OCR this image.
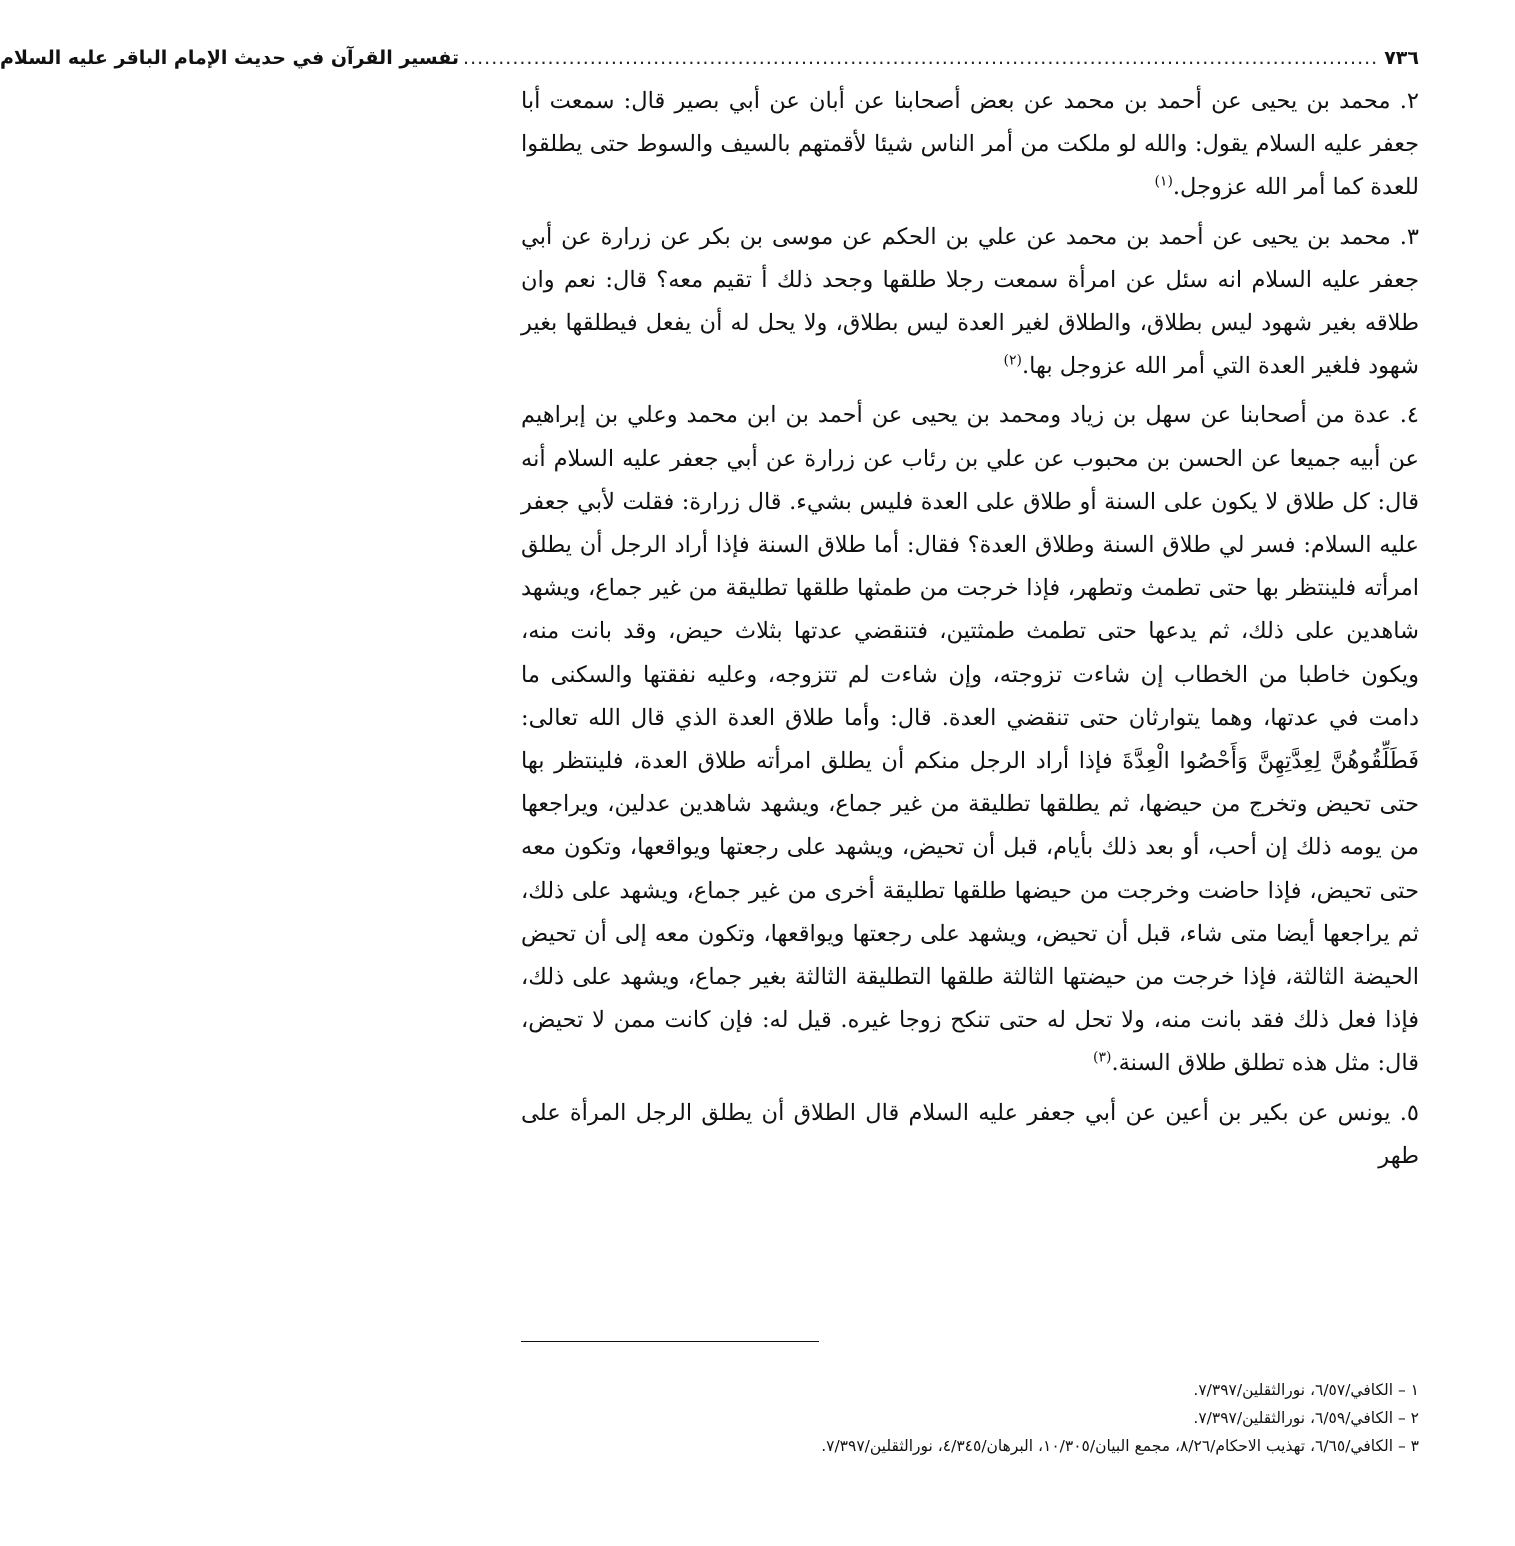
٧٣٦
..................................................................................................................................
تفسير القرآن في حديث الإمام الباقر عليه السلام

٢. محمد بن يحيى عن أحمد بن محمد عن بعض أصحابنا عن أبان عن أبي بصير قال: سمعت أبا جعفر عليه السلام يقول: والله لو ملكت من أمر الناس شيئا لأقمتهم بالسيف والسوط حتى يطلقوا للعدة كما أمر الله عزوجل.$^{(١)}$

٣. محمد بن يحيى عن أحمد بن محمد عن علي بن الحكم عن موسى بن بكر عن زرارة عن أبي جعفر عليه السلام انه سئل عن امرأة سمعت رجلا طلقها وجحد ذلك أ تقيم معه؟ قال: نعم وان طلاقه بغير شهود ليس بطلاق، والطلاق لغير العدة ليس بطلاق، ولا يحل له أن يفعل فيطلقها بغير شهود فلغير العدة التي أمر الله عزوجل بها.$^{(٢)}$

٤. عدة من أصحابنا عن سهل بن زياد ومحمد بن يحيى عن أحمد بن ابن محمد وعلي بن إبراهيم عن أبيه جميعا عن الحسن بن محبوب عن علي بن رئاب عن زرارة عن أبي جعفر عليه السلام أنه قال: كل طلاق لا يكون على السنة أو طلاق على العدة فليس بشيء. قال زرارة: فقلت لأبي جعفر عليه السلام: فسر لي طلاق السنة وطلاق العدة؟ فقال: أما طلاق السنة فإذا أراد الرجل أن يطلق امرأته فلينتظر بها حتى تطمث وتطهر، فإذا خرجت من طمثها طلقها تطليقة من غير جماع، ويشهد شاهدين على ذلك، ثم يدعها حتى تطمث طمثتين، فتنقضي عدتها بثلاث حيض، وقد بانت منه، ويكون خاطبا من الخطاب إن شاءت تزوجته، وإن شاءت لم تتزوجه، وعليه نفقتها والسكنى ما دامت في عدتها، وهما يتوارثان حتى تنقضي العدة. قال: وأما طلاق العدة الذي قال الله تعالى: فَطَلِّقُوهُنَّ لِعِدَّتِهِنَّ وَأَحْصُوا الْعِدَّةَ فإذا أراد الرجل منكم أن يطلق امرأته طلاق العدة، فلينتظر بها حتى تحيض وتخرج من حيضها، ثم يطلقها تطليقة من غير جماع، ويشهد شاهدين عدلين، ويراجعها من يومه ذلك إن أحب، أو بعد ذلك بأيام، قبل أن تحيض، ويشهد على رجعتها ويواقعها، وتكون معه حتى تحيض، فإذا حاضت وخرجت من حيضها طلقها تطليقة أخرى من غير جماع، ويشهد على ذلك، ثم يراجعها أيضا متى شاء، قبل أن تحيض، ويشهد على رجعتها ويواقعها، وتكون معه إلى أن تحيض الحيضة الثالثة، فإذا خرجت من حيضتها الثالثة طلقها التطليقة الثالثة بغير جماع، ويشهد على ذلك، فإذا فعل ذلك فقد بانت منه، ولا تحل له حتى تنكح زوجا غيره. قيل له: فإن كانت ممن لا تحيض، قال: مثل هذه تطلق طلاق السنة.$^{(٣)}$

٥. يونس عن بكير بن أعين عن أبي جعفر عليه السلام قال الطلاق أن يطلق الرجل المرأة على طهر

١ – الكافي/٦/٥٧، نورالثقلين/٧/٣٩٧.
٢ – الكافي/٦/٥٩، نورالثقلين/٧/٣٩٧.
٣ – الكافي/٦/٦٥، تهذيب الاحكام/٨/٢٦، مجمع البيان/١٠/٣٠٥، البرهان/٤/٣٤٥، نورالثقلين/٧/٣٩٧.
